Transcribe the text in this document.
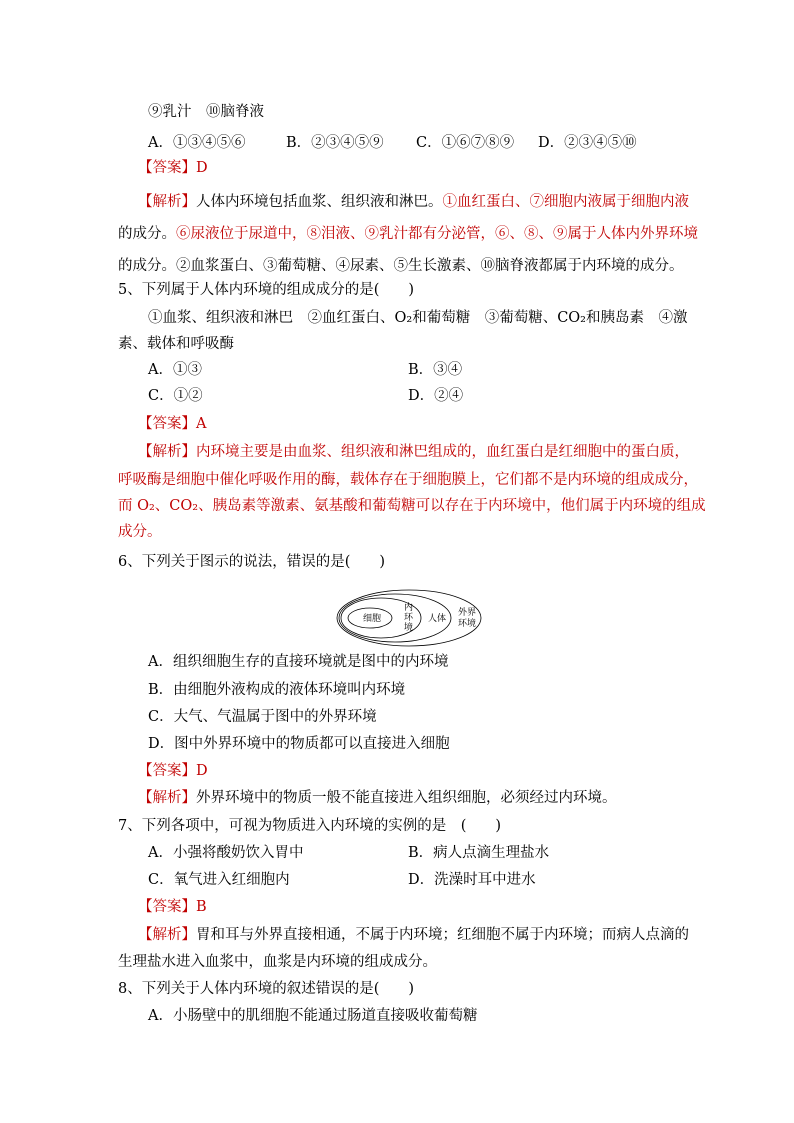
⑨乳汁　⑩脑脊液
A．①③④⑤⑥	B．②③④⑤⑨ C．①⑥⑦⑧⑨ D．②③④⑤⑩
【答案】D
【解析】人体内环境包括血浆、组织液和淋巴。①血红蛋白、⑦细胞内液属于细胞内液
的成分。⑥尿液位于尿道中，⑧泪液、⑨乳汁都有分泌管，⑥、⑧、⑨属于人体内外界环境
的成分。②血浆蛋白、③葡萄糖、④尿素、⑤生长激素、⑩脑脊液都属于内环境的成分。
5、下列属于人体内环境的组成成分的是(　　)
①血浆、组织液和淋巴　②血红蛋白、O₂和葡萄糖　③葡萄糖、CO₂和胰岛素　④激
素、载体和呼吸酶
A．①③	B．③④
C．①②	D．②④
【答案】A
【解析】内环境主要是由血浆、组织液和淋巴组成的，血红蛋白是红细胞中的蛋白质，
呼吸酶是细胞中催化呼吸作用的酶，载体存在于细胞膜上，它们都不是内环境的组成成分，
而 O₂、CO₂、胰岛素等激素、氨基酸和葡萄糖可以存在于内环境中，他们属于内环境的组成
成分。
6、下列关于图示的说法，错误的是(　　)
细胞
内
环
境
人体
外界
环境
A．组织细胞生存的直接环境就是图中的内环境
B．由细胞外液构成的液体环境叫内环境
C．大气、气温属于图中的外界环境
D．图中外界环境中的物质都可以直接进入细胞
【答案】D
【解析】外界环境中的物质一般不能直接进入组织细胞，必须经过内环境。
7、下列各项中，可视为物质进入内环境的实例的是　(　　)
A．小强将酸奶饮入胃中	B．病人点滴生理盐水
C．氧气进入红细胞内	D．洗澡时耳中进水
【答案】B
【解析】胃和耳与外界直接相通，不属于内环境；红细胞不属于内环境；而病人点滴的
生理盐水进入血浆中，血浆是内环境的组成成分。
8、下列关于人体内环境的叙述错误的是(　　)
A．小肠壁中的肌细胞不能通过肠道直接吸收葡萄糖
